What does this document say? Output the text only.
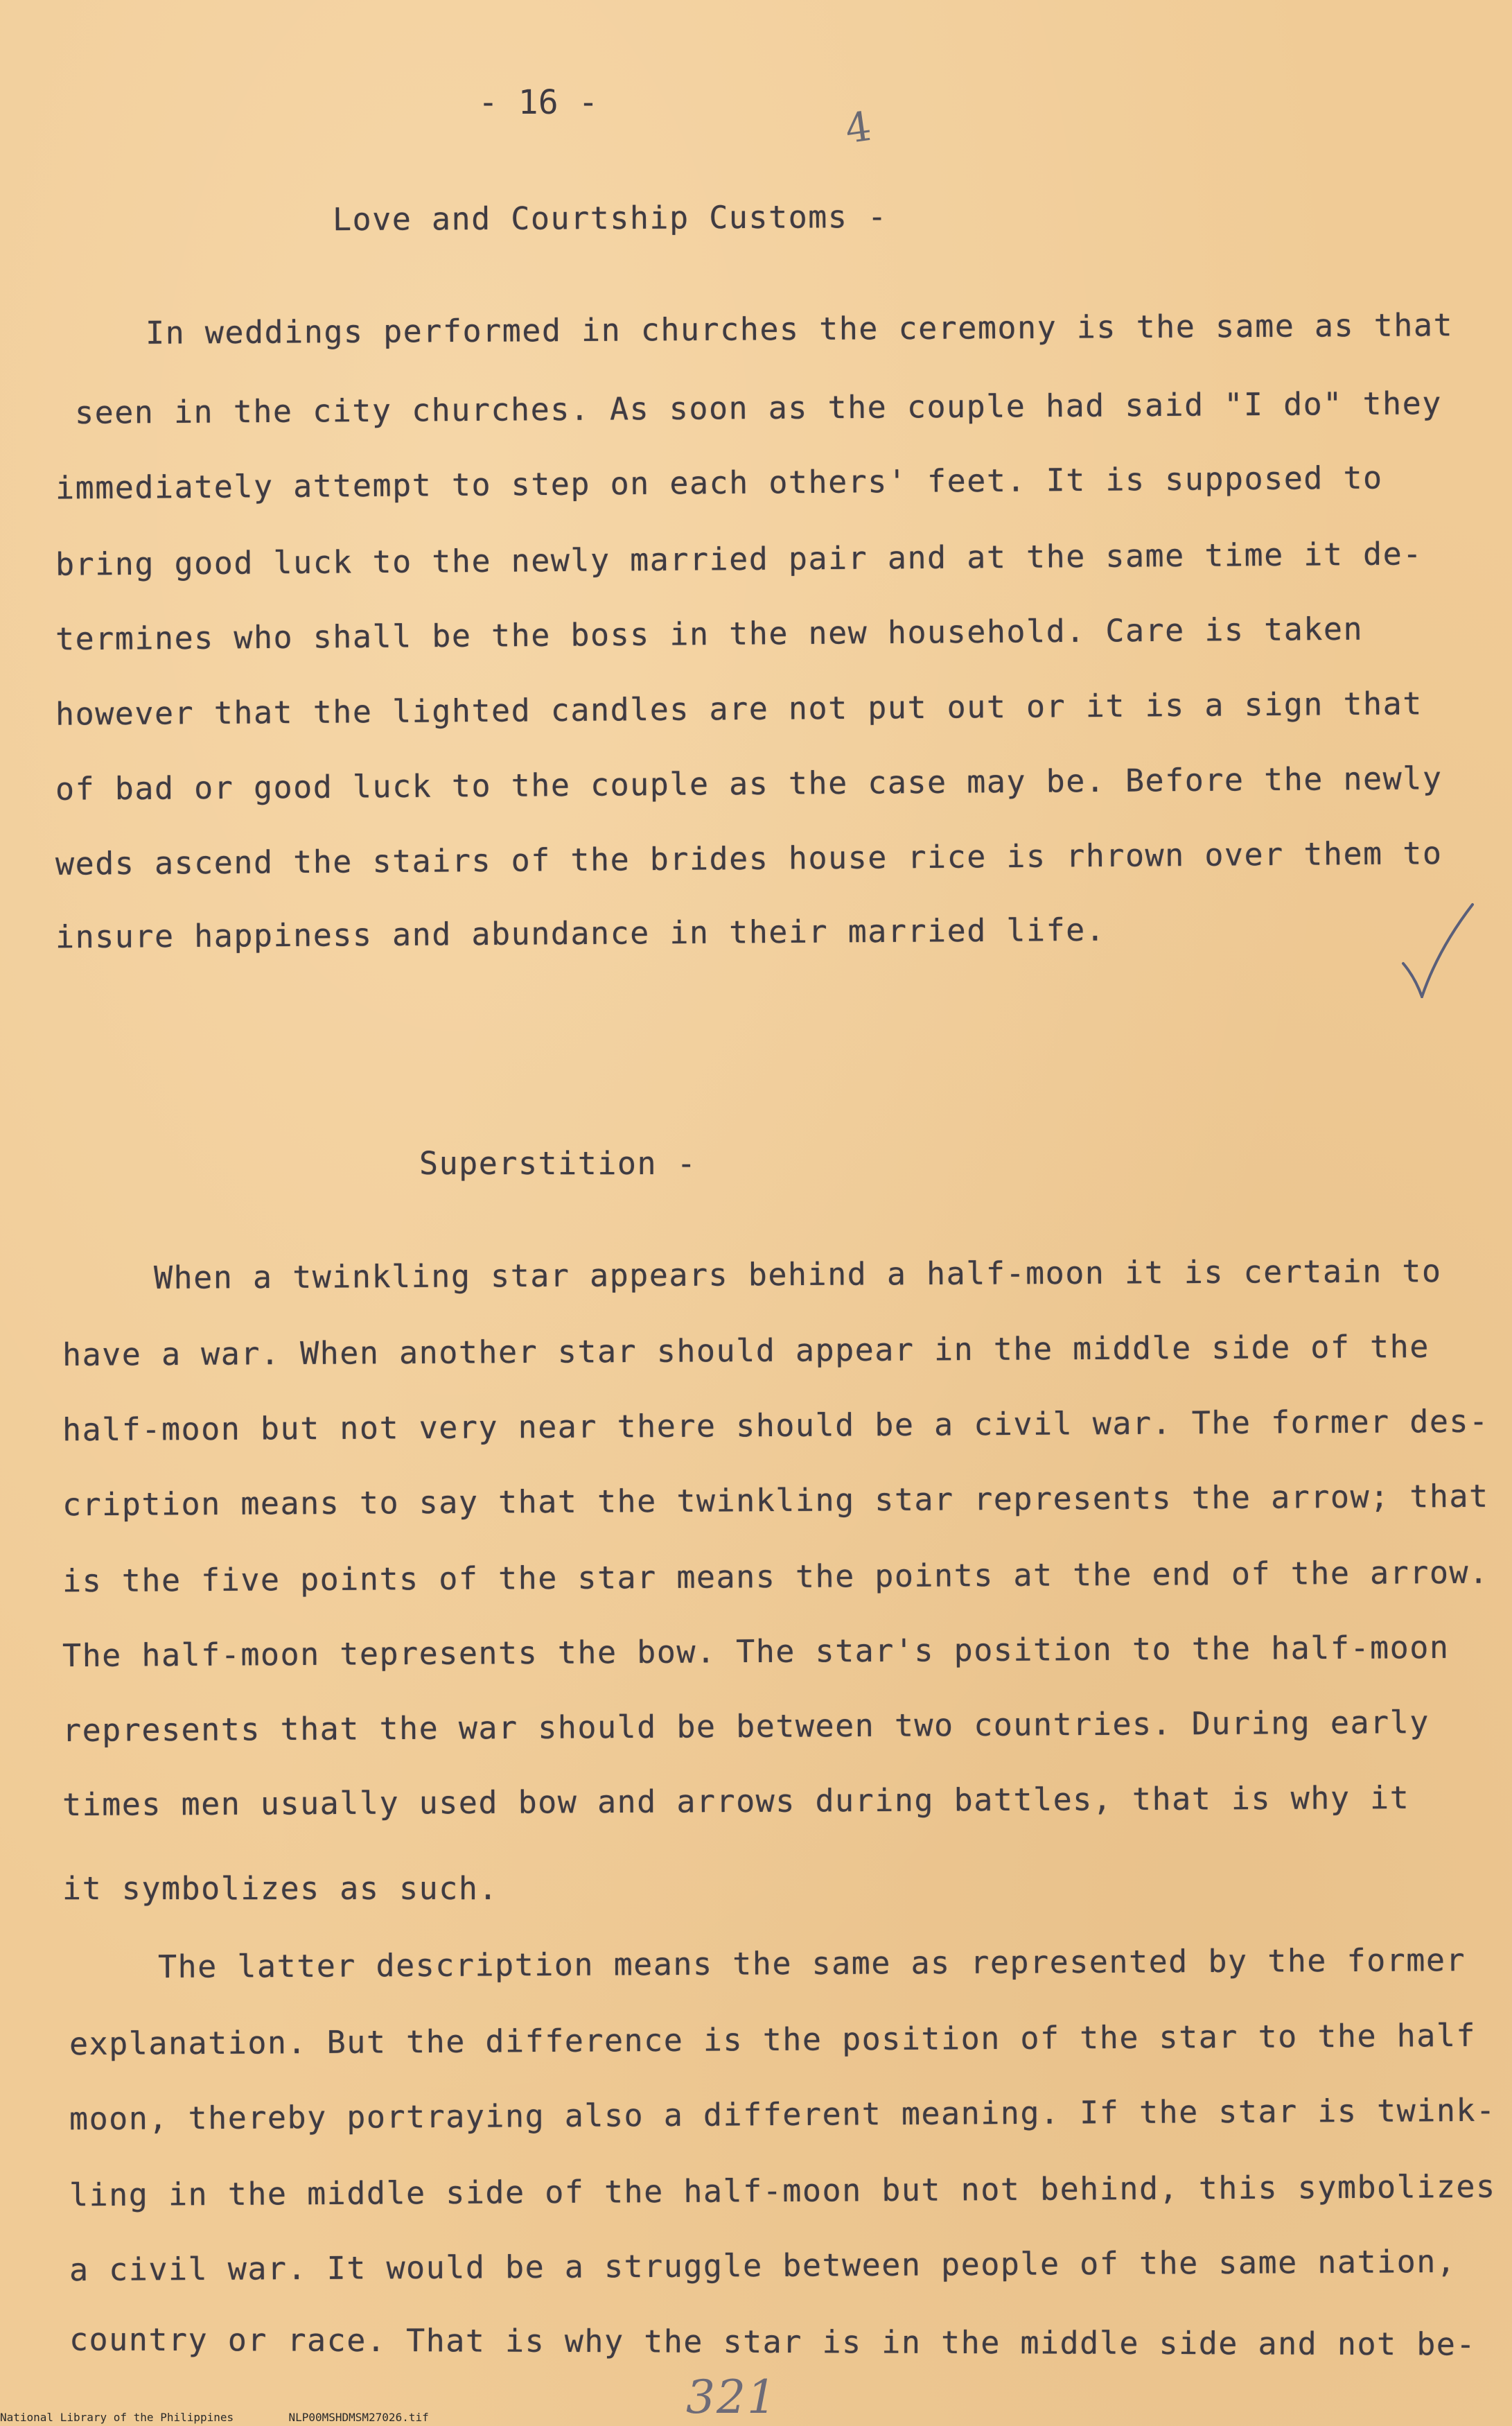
- 16 -	4
Love and Courtship Customs -
In weddings performed in churches the ceremony is the same as that
seen in the city churches. As soon as the couple had said "I do" they
immediately attempt to step on each others' feet. It is supposed to
bring good luck to the newly married pair and at the same time it de-
termines who shall be the boss in the new household. Care is taken
however that the lighted candles are not put out or it is a sign that
of bad or good luck to the couple as the case may be. Before the newly
weds ascend the stairs of the brides house rice is rhrown over them to
insure happiness and abundance in their married life.
Superstition -
When a twinkling star appears behind a half-moon it is certain to
have a war. When another star should appear in the middle side of the
half-moon but not very near there should be a civil war. The former des-
cription means to say that the twinkling star represents the arrow; that
is the five points of the star means the points at the end of the arrow.
The half-moon tepresents the bow. The star's position to the half-moon
represents that the war should be between two countries. During early
times men usually used bow and arrows during battles, that is why it
it symbolizes as such.
The latter description means the same as represented by the former
explanation. But the difference is the position of the star to the half
moon, thereby portraying also a different meaning. If the star is twink-
ling in the middle side of the half-moon but not behind, this symbolizes
a civil war. It would be a struggle between people of the same nation,
country or race. That is why the star is in the middle side and not be-
321
National Library of the Philippines	NLP00MSHDMSM27026.tif
